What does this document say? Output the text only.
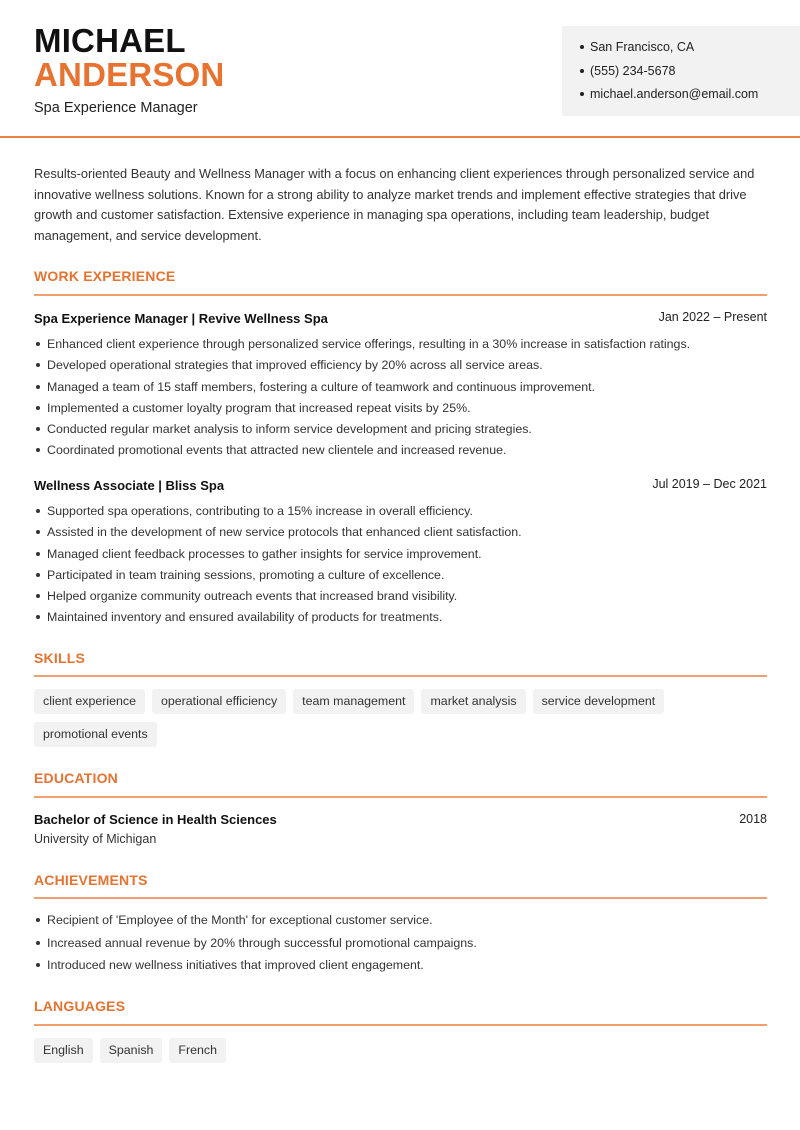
MICHAEL
ANDERSON
Spa Experience Manager
San Francisco, CA
(555) 234-5678
michael.anderson@email.com

Results-oriented Beauty and Wellness Manager with a focus on enhancing client experiences through personalized service and innovative wellness solutions. Known for a strong ability to analyze market trends and implement effective strategies that drive growth and customer satisfaction. Extensive experience in managing spa operations, including team leadership, budget management, and service development.

WORK EXPERIENCE
Spa Experience Manager | Revive Wellness Spa	Jan 2022 – Present
Enhanced client experience through personalized service offerings, resulting in a 30% increase in satisfaction ratings.
Developed operational strategies that improved efficiency by 20% across all service areas.
Managed a team of 15 staff members, fostering a culture of teamwork and continuous improvement.
Implemented a customer loyalty program that increased repeat visits by 25%.
Conducted regular market analysis to inform service development and pricing strategies.
Coordinated promotional events that attracted new clientele and increased revenue.
Wellness Associate | Bliss Spa	Jul 2019 – Dec 2021
Supported spa operations, contributing to a 15% increase in overall efficiency.
Assisted in the development of new service protocols that enhanced client satisfaction.
Managed client feedback processes to gather insights for service improvement.
Participated in team training sessions, promoting a culture of excellence.
Helped organize community outreach events that increased brand visibility.
Maintained inventory and ensured availability of products for treatments.
SKILLS
client experience	operational efficiency	team management	market analysis	service development
promotional events
EDUCATION
Bachelor of Science in Health Sciences	2018
University of Michigan
ACHIEVEMENTS
Recipient of 'Employee of the Month' for exceptional customer service.
Increased annual revenue by 20% through successful promotional campaigns.
Introduced new wellness initiatives that improved client engagement.
LANGUAGES
English	Spanish	French
